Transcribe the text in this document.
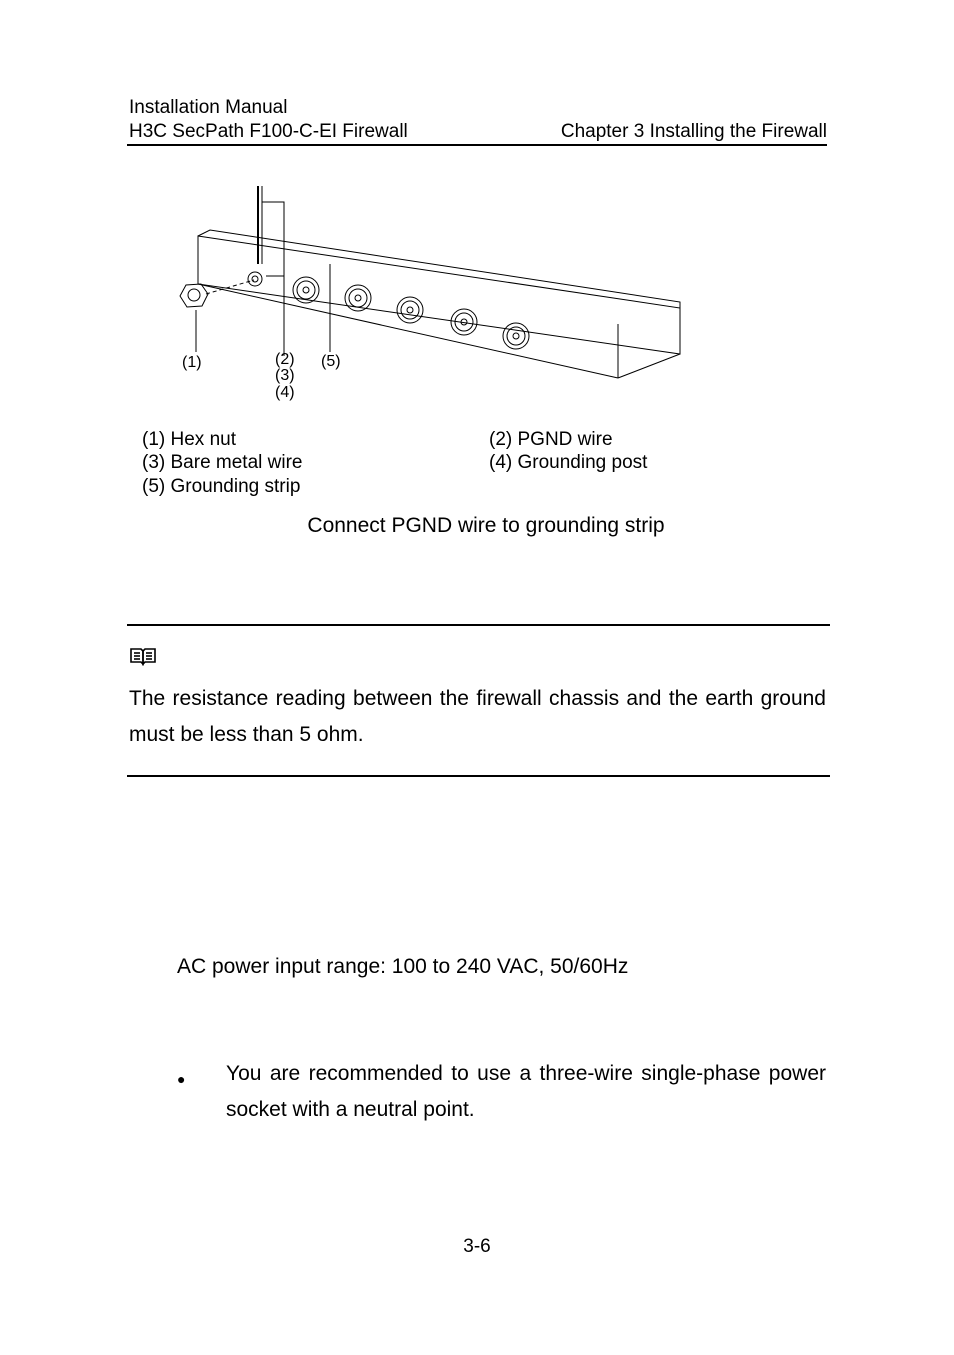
Installation Manual
H3C SecPath F100-C-EI Firewall	Chapter 3 Installing the Firewall
(1)	(2)
(3)
(4)
(5)
(1) Hex nut	(2) PGND wire
(3) Bare metal wire	(4) Grounding post
(5) Grounding strip
Connect PGND wire to grounding strip
The resistance reading between the firewall chassis and the earth ground must be less than 5 ohm.
AC power input range: 100 to 240 VAC, 50/60Hz
● You are recommended to use a three-wire single-phase power socket with a neutral point.
3-6
